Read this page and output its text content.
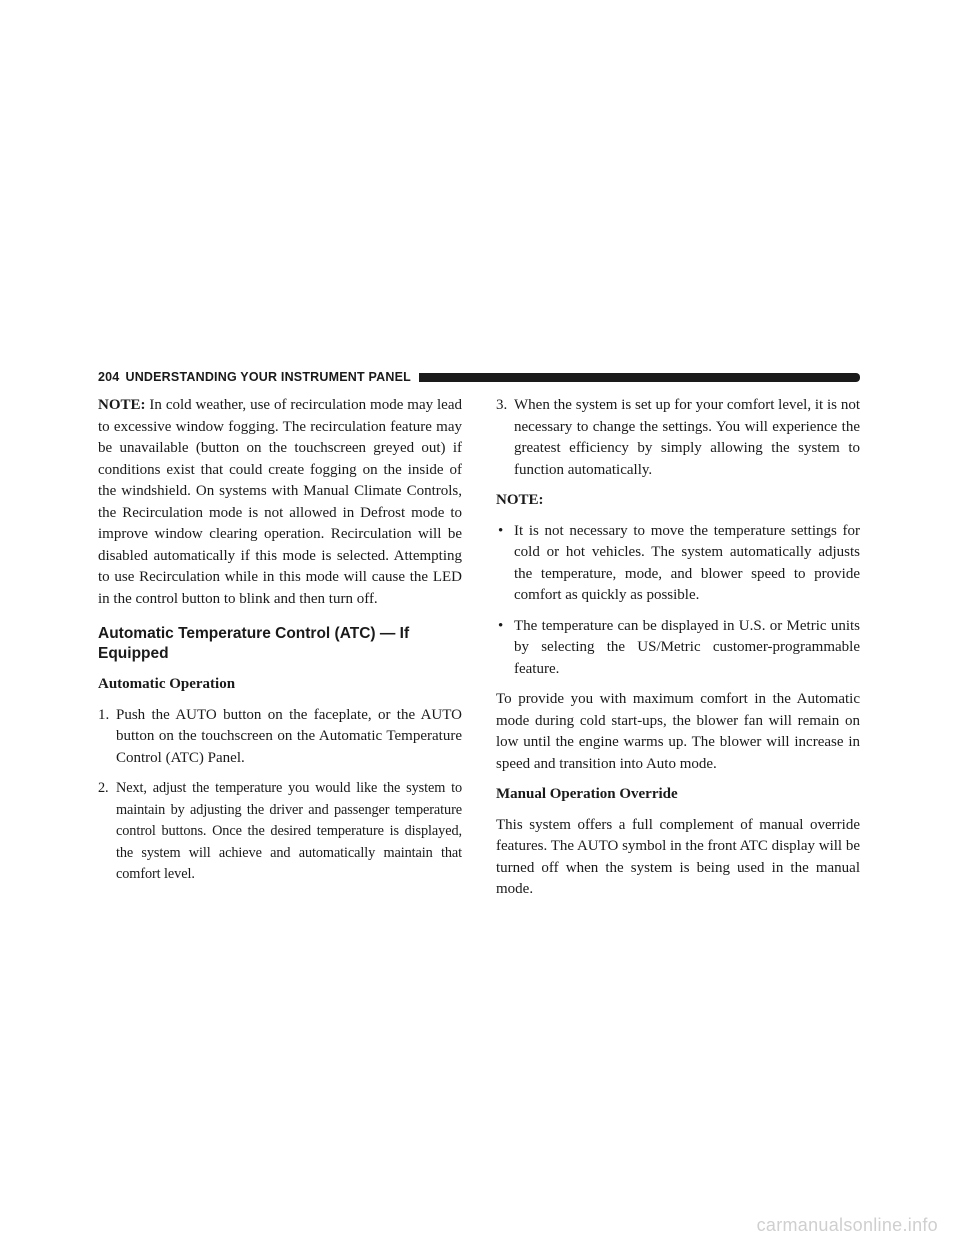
204 UNDERSTANDING YOUR INSTRUMENT PANEL

NOTE: In cold weather, use of recirculation mode may lead to excessive window fogging. The recirculation feature may be unavailable (button on the touchscreen greyed out) if conditions exist that could create fogging on the inside of the windshield. On systems with Manual Climate Controls, the Recirculation mode is not allowed in Defrost mode to improve window clearing operation. Recirculation will be disabled automatically if this mode is selected. Attempting to use Recirculation while in this mode will cause the LED in the control button to blink and then turn off.

Automatic Temperature Control (ATC) — If Equipped
Automatic Operation
1. Push the AUTO button on the faceplate, or the AUTO button on the touchscreen on the Automatic Temperature Control (ATC) Panel.
2. Next, adjust the temperature you would like the system to maintain by adjusting the driver and passenger temperature control buttons. Once the desired temperature is displayed, the system will achieve and automatically maintain that comfort level.
3. When the system is set up for your comfort level, it is not necessary to change the settings. You will experience the greatest efficiency by simply allowing the system to function automatically.
NOTE:
• It is not necessary to move the temperature settings for cold or hot vehicles. The system automatically adjusts the temperature, mode, and blower speed to provide comfort as quickly as possible.
• The temperature can be displayed in U.S. or Metric units by selecting the US/Metric customer-programmable feature.

To provide you with maximum comfort in the Automatic mode during cold start-ups, the blower fan will remain on low until the engine warms up. The blower will increase in speed and transition into Auto mode.

Manual Operation Override

This system offers a full complement of manual override features. The AUTO symbol in the front ATC display will be turned off when the system is being used in the manual mode.

carmanualsonline.info
